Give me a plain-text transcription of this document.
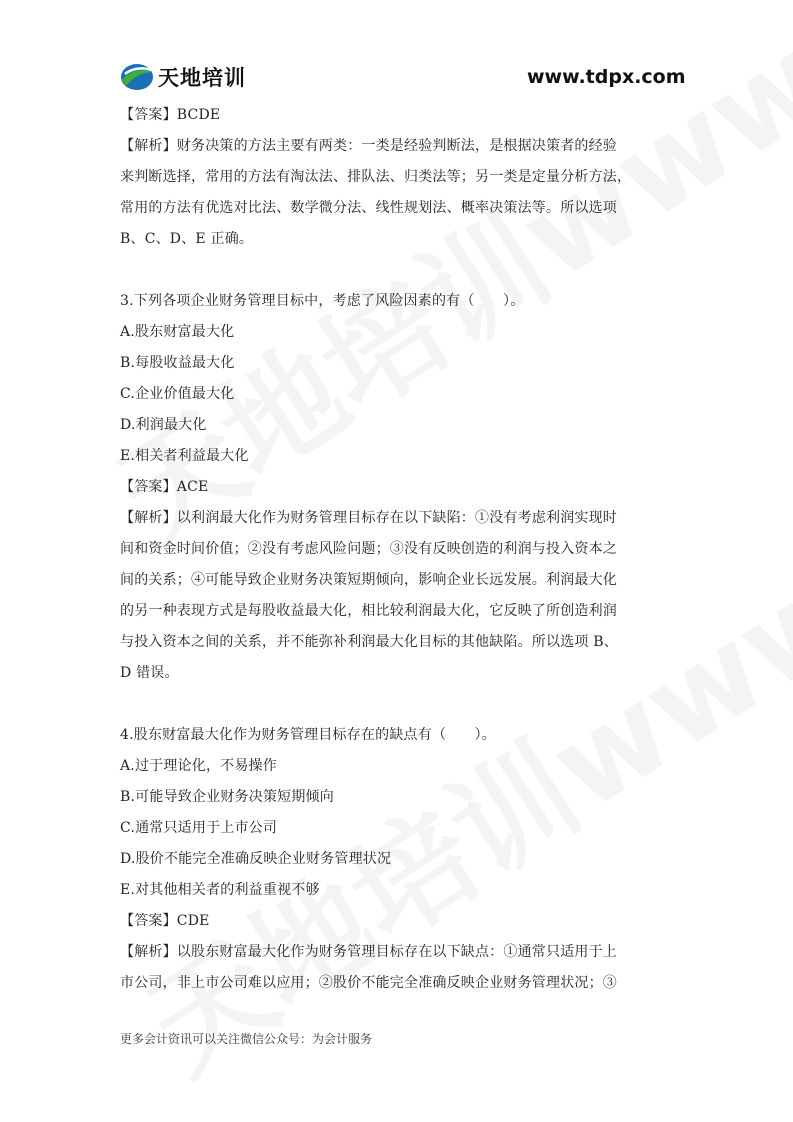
天地培训	www.tdpx.com
【答案】BCDE
【解析】财务决策的方法主要有两类：一类是经验判断法，是根据决策者的经验
来判断选择，常用的方法有淘汰法、排队法、归类法等；另一类是定量分析方法，
常用的方法有优选对比法、数学微分法、线性规划法、概率决策法等。所以选项
B、C、D、E 正确。
3.下列各项企业财务管理目标中，考虑了风险因素的有（　　）。
A.股东财富最大化
B.每股收益最大化
C.企业价值最大化
D.利润最大化
E.相关者利益最大化
【答案】ACE
【解析】以利润最大化作为财务管理目标存在以下缺陷：①没有考虑利润实现时
间和资金时间价值；②没有考虑风险问题；③没有反映创造的利润与投入资本之
间的关系；④可能导致企业财务决策短期倾向，影响企业长远发展。利润最大化
的另一种表现方式是每股收益最大化，相比较利润最大化，它反映了所创造利润
与投入资本之间的关系，并不能弥补利润最大化目标的其他缺陷。所以选项 B、
D 错误。
4.股东财富最大化作为财务管理目标存在的缺点有（　　）。
A.过于理论化，不易操作
B.可能导致企业财务决策短期倾向
C.通常只适用于上市公司
D.股价不能完全准确反映企业财务管理状况
E.对其他相关者的利益重视不够
【答案】CDE
【解析】以股东财富最大化作为财务管理目标存在以下缺点：①通常只适用于上
市公司，非上市公司难以应用；②股价不能完全准确反映企业财务管理状况；③
更多会计资讯可以关注微信公众号：为会计服务
